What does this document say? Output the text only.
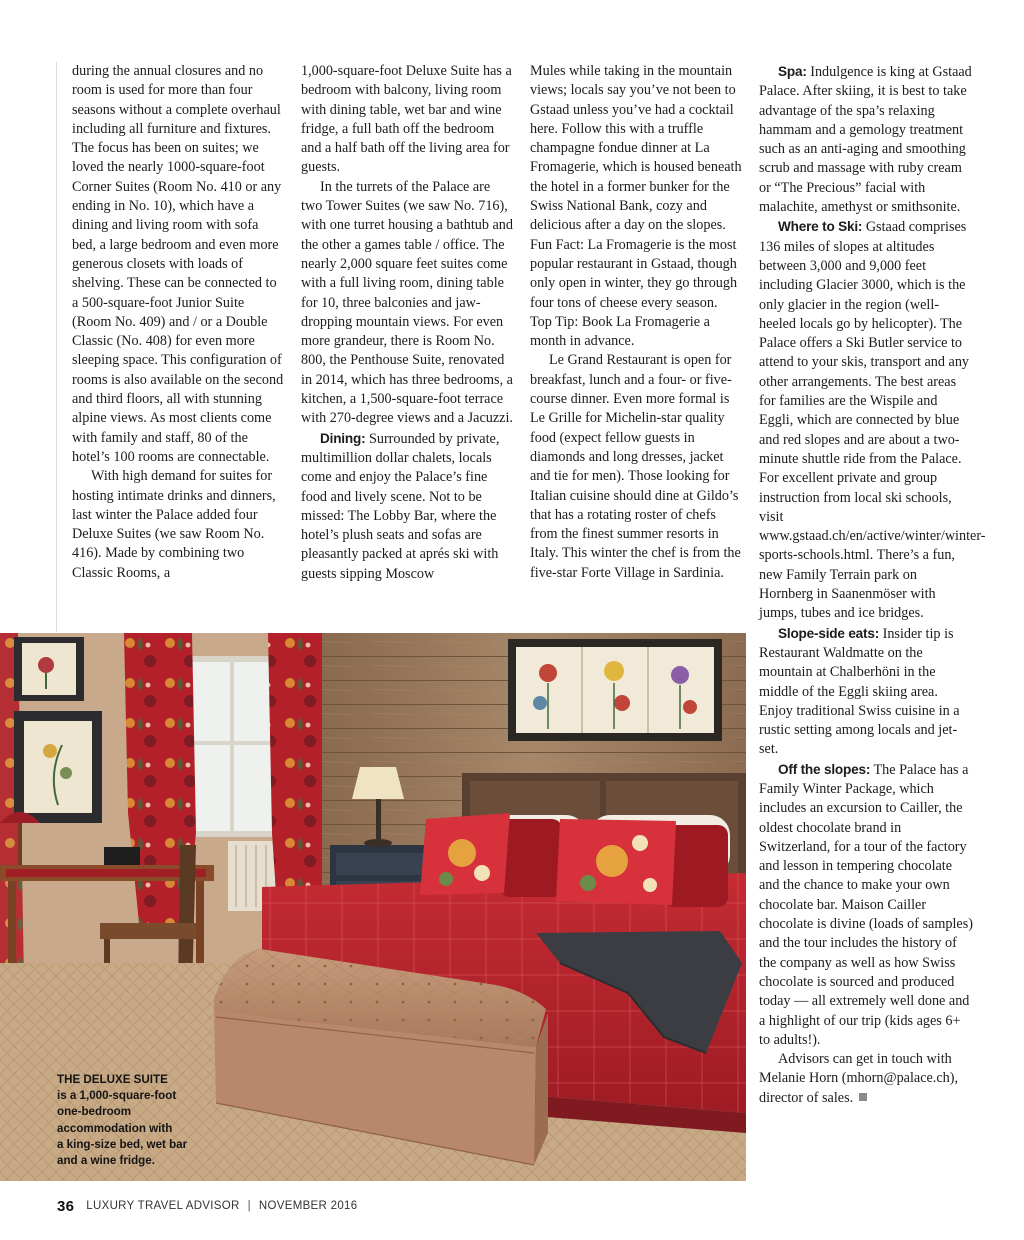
during the annual closures and no room is used for more than four seasons without a complete overhaul including all furniture and fixtures. The focus has been on suites; we loved the nearly 1000-square-foot Corner Suites (Room No. 410 or any ending in No. 10), which have a dining and living room with sofa bed, a large bedroom and even more generous closets with loads of shelving. These can be connected to a 500-square-foot Junior Suite (Room No. 409) and / or a Double Classic (No. 408) for even more sleeping space. This configuration of rooms is also available on the second and third floors, all with stunning alpine views. As most clients come with family and staff, 80 of the hotel’s 100 rooms are connectable.

With high demand for suites for hosting intimate drinks and dinners, last winter the Palace added four Deluxe Suites (we saw Room No. 416). Made by combining two Classic Rooms, a

1,000-square-foot Deluxe Suite has a bedroom with balcony, living room with dining table, wet bar and wine fridge, a full bath off the bedroom and a half bath off the living area for guests.

In the turrets of the Palace are two Tower Suites (we saw No. 716), with one turret housing a bathtub and the other a games table / office. The nearly 2,000 square feet suites come with a full living room, dining table for 10, three balconies and jaw-dropping mountain views. For even more grandeur, there is Room No. 800, the Penthouse Suite, renovated in 2014, which has three bedrooms, a kitchen, a 1,500-square-foot terrace with 270-degree views and a Jacuzzi.

Dining: Surrounded by private, multimillion dollar chalets, locals come and enjoy the Palace’s fine food and lively scene. Not to be missed: The Lobby Bar, where the hotel’s plush seats and sofas are pleasantly packed at aprés ski with guests sipping Moscow

Mules while taking in the mountain views; locals say you’ve not been to Gstaad unless you’ve had a cocktail here. Follow this with a truffle champagne fondue dinner at La Fromagerie, which is housed beneath the hotel in a former bunker for the Swiss National Bank, cozy and delicious after a day on the slopes. Fun Fact: La Fromagerie is the most popular restaurant in Gstaad, though only open in winter, they go through four tons of cheese every season. Top Tip: Book La Fromagerie a month in advance.

Le Grand Restaurant is open for breakfast, lunch and a four- or five-course dinner. Even more formal is Le Grille for Michelin-star quality food (expect fellow guests in diamonds and long dresses, jacket and tie for men). Those looking for Italian cuisine should dine at Gildo’s that has a rotating roster of chefs from the finest summer resorts in Italy. This winter the chef is from the five-star Forte Village in Sardinia.

Spa: Indulgence is king at Gstaad Palace. After skiing, it is best to take advantage of the spa’s relaxing hammam and a gemology treatment such as an anti-aging and smoothing scrub and massage with ruby cream or “The Precious” facial with malachite, amethyst or smithsonite.

Where to Ski: Gstaad comprises 136 miles of slopes at altitudes between 3,000 and 9,000 feet including Glacier 3000, which is the only glacier in the region (well-heeled locals go by helicopter). The Palace offers a Ski Butler service to attend to your skis, transport and any other arrangements. The best areas for families are the Wispile and Eggli, which are connected by blue and red slopes and are about a two-minute shuttle ride from the Palace. For excellent private and group instruction from local ski schools, visit www.gstaad.ch/en/active/winter/winter-sports-schools.html. There’s a fun, new Family Terrain park on Hornberg in Saanenmöser with jumps, tubes and ice bridges.

Slope-side eats: Insider tip is Restaurant Waldmatte on the mountain at Chalberhöni in the middle of the Eggli skiing area. Enjoy traditional Swiss cuisine in a rustic setting among locals and jet-set.

Off the slopes: The Palace has a Family Winter Package, which includes an excursion to Cailler, the oldest chocolate brand in Switzerland, for a tour of the factory and lesson in tempering chocolate and the chance to make your own chocolate bar. Maison Cailler chocolate is divine (loads of samples) and the tour includes the history of the company as well as how Swiss chocolate is sourced and produced today — all extremely well done and a highlight of our trip (kids ages 6+ to adults!).

Advisors can get in touch with Melanie Horn (mhorn@palace.ch), director of sales.

THE DELUXE SUITE
is a 1,000-square-foot
one-bedroom
accommodation with
a king-size bed, wet bar
and a wine fridge.
36 LUXURY TRAVEL ADVISOR | NOVEMBER 2016
